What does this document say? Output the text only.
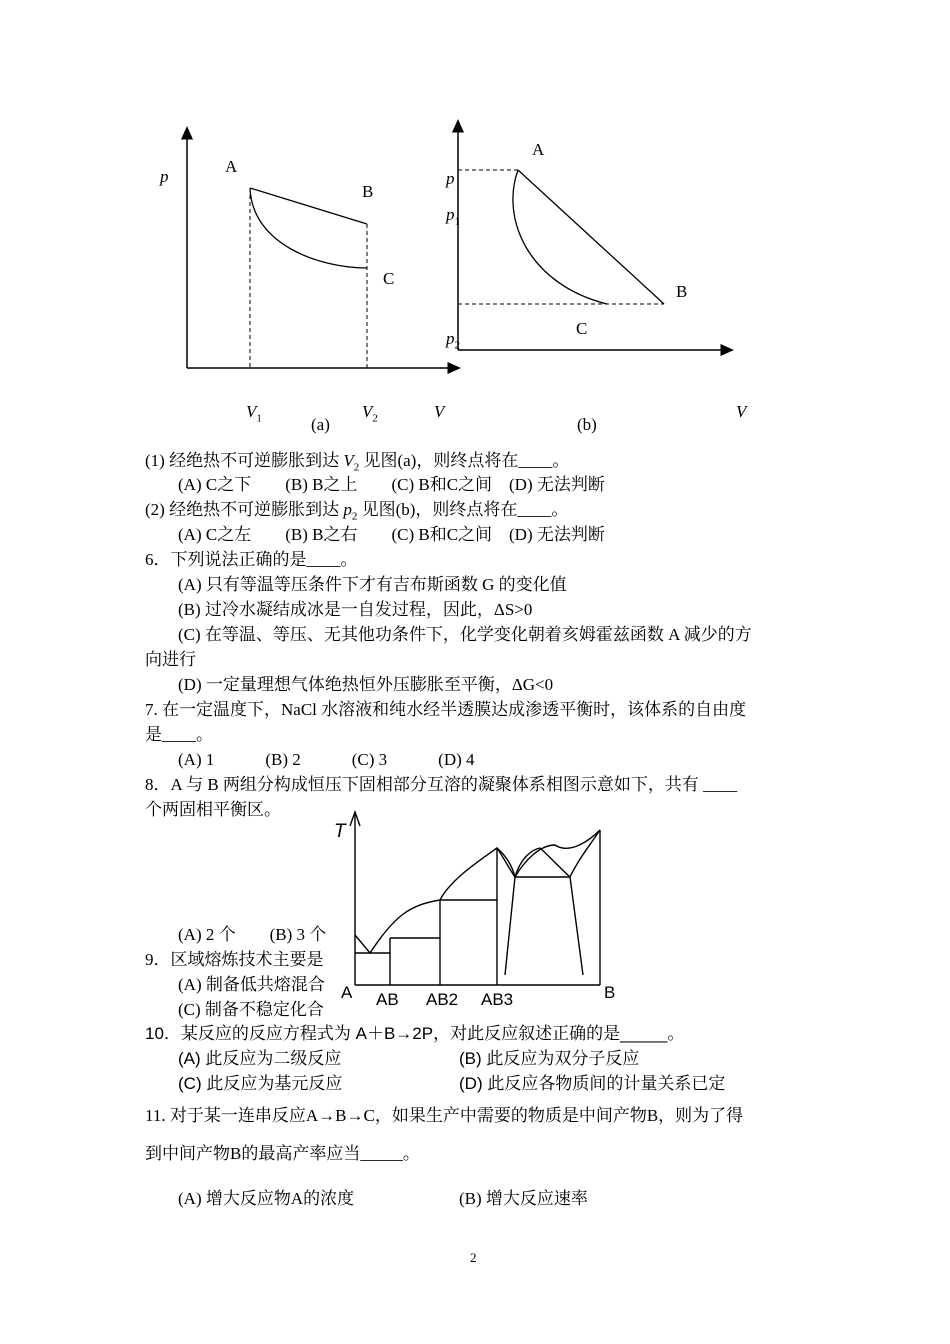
A
B
C
p
$V_1$	$V_2$	V
(a)
A
B
C
p
$p_1$
$p_2$
V
(b)
(1) 经绝热不可逆膨胀到达 $V_2$ 见图(a)，则终点将在____。
(A) C之下　　(B) B之上　　(C) B和C之间　(D) 无法判断
(2) 经绝热不可逆膨胀到达 $p_2$ 见图(b)，则终点将在____。
(A) C之左　　(B) B之右　　(C) B和C之间　(D) 无法判断
6．下列说法正确的是____。
(A) 只有等温等压条件下才有吉布斯函数 G 的变化值
(B) 过冷水凝结成冰是一自发过程，因此，ΔS>0
(C) 在等温、等压、无其他功条件下，化学变化朝着亥姆霍兹函数 A 减少的方
向进行
(D) 一定量理想气体绝热恒外压膨胀至平衡，ΔG<0
7. 在一定温度下，NaCl 水溶液和纯水经半透膜达成渗透平衡时，该体系的自由度
是____。
(A) 1　　　(B) 2　　　(C) 3　　　(D) 4
8．A 与 B 两组分构成恒压下固相部分互溶的凝聚体系相图示意如下，共有 ____
个两固相平衡区。
T
A AB AB2 AB3	B
(A) 2 个　　(B) 3 个
9．区域熔炼技术主要是
(A) 制备低共熔混合
(C) 制备不稳定化合
10．某反应的反应方程式为 A＋B→2P，对此反应叙述正确的是_____。
(A) 此反应为二级反应	(B) 此反应为双分子反应
(C) 此反应为基元反应	(D) 此反应各物质间的计量关系已定
11. 对于某一连串反应A→B→C，如果生产中需要的物质是中间产物B，则为了得
到中间产物B的最高产率应当_____。
(A) 增大反应物A的浓度	(B) 增大反应速率
2
